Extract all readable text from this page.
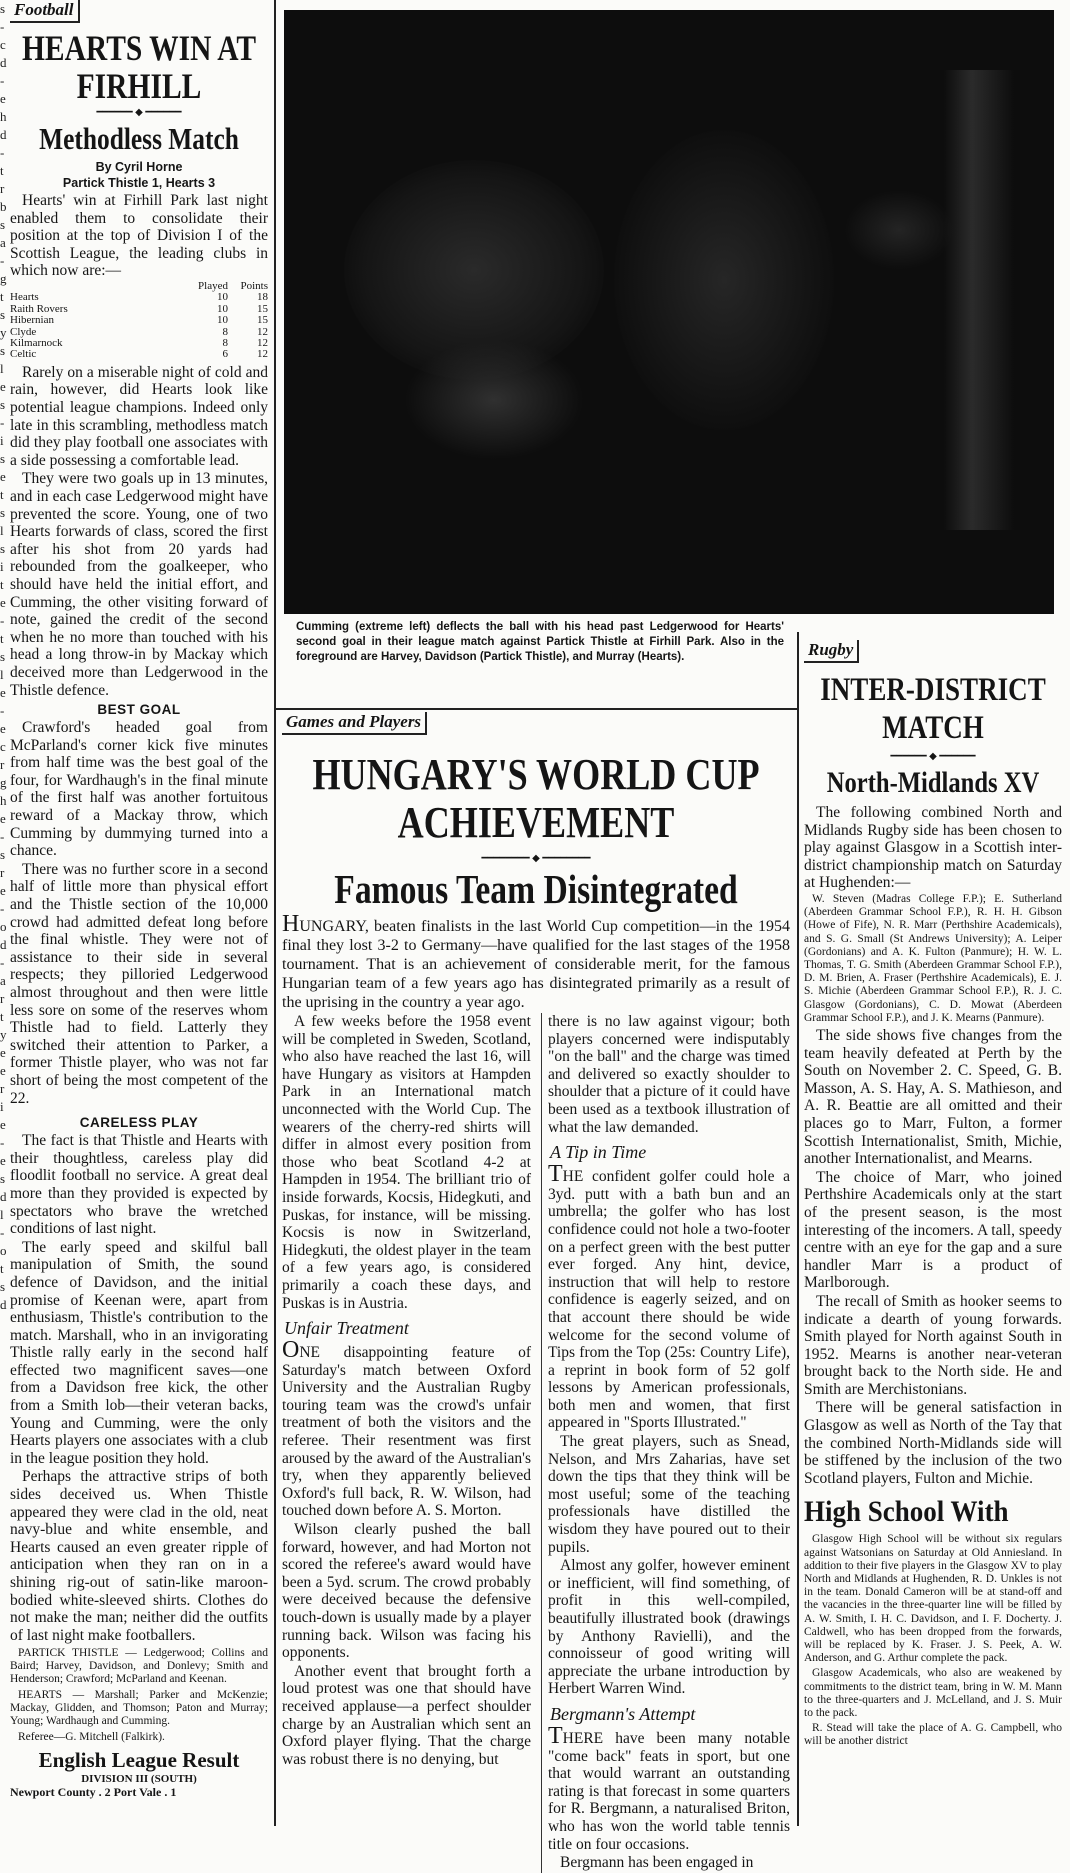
s
-
c
d
-
e
h
d
-
t
r
b
s
a
-
g
t
s
y
s
l
e
s
-
i
s
e
t
s
l
s
i
t
e
-
t
s
l
e
-
e
c
r
g
h
e
-
s
r
e
-
o
d
-
a
r
t
y
e
e
r
i
e
-
e
s
d
l
-
o
t
s
d
Football
HEARTS WIN AT FIRHILL
━━━━━━ ◆ ━━━━━━
Methodless Match
By Cyril Horne
Partick Thistle 1, Hearts 3

Hearts' win at Firhill Park last night enabled them to consolidate their position at the top of Division I of the Scottish League, the leading clubs in which now are:—

	Played	Points
Hearts	10	18
Raith Rovers	10	15
Hibernian	10	15
Clyde	8	12
Kilmarnock	8	12
Celtic	6	12

Rarely on a miserable night of cold and rain, however, did Hearts look like potential league champions. Indeed only late in this scrambling, methodless match did they play football one associates with a side possessing a comfortable lead.

They were two goals up in 13 minutes, and in each case Ledgerwood might have prevented the score. Young, one of two Hearts forwards of class, scored the first after his shot from 20 yards had rebounded from the goalkeeper, who should have held the initial effort, and Cumming, the other visiting forward of note, gained the credit of the second when he no more than touched with his head a long throw-in by Mackay which deceived more than Ledgerwood in the Thistle defence.

BEST GOAL

Crawford's headed goal from McParland's corner kick five minutes from half time was the best goal of the four, for Wardhaugh's in the final minute of the first half was another fortuitous reward of a Mackay throw, which Cumming by dummying turned into a chance.

There was no further score in a second half of little more than physical effort and the Thistle section of the 10,000 crowd had admitted defeat long before the final whistle. They were not of assistance to their side in several respects; they pilloried Ledgerwood almost throughout and then were little less sore on some of the reserves whom Thistle had to field. Latterly they switched their attention to Parker, a former Thistle player, who was not far short of being the most competent of the 22.

CARELESS PLAY

The fact is that Thistle and Hearts with their thoughtless, careless play did floodlit football no service. A great deal more than they provided is expected by spectators who brave the wretched conditions of last night.

The early speed and skilful ball manipulation of Smith, the sound defence of Davidson, and the initial promise of Keenan were, apart from enthusiasm, Thistle's contribution to the match. Marshall, who in an invigorating Thistle rally early in the second half effected two magnificent saves—one from a Davidson free kick, the other from a Smith lob—their veteran backs, Young and Cumming, were the only Hearts players one associates with a club in the league position they hold.

Perhaps the attractive strips of both sides deceived us. When Thistle appeared they were clad in the old, neat navy-blue and white ensemble, and Hearts caused an even greater ripple of anticipation when they ran on in a shining rig-out of satin-like maroon-bodied white-sleeved shirts. Clothes do not make the man; neither did the outfits of last night make footballers.

PARTICK THISTLE — Ledgerwood; Collins and Baird; Harvey, Davidson, and Donlevy; Smith and Henderson; Crawford; McParland and Keenan.

HEARTS — Marshall; Parker and McKenzie; Mackay, Glidden, and Thomson; Paton and Murray; Young; Wardhaugh and Cumming.

Referee—G. Mitchell (Falkirk).

English League Result
DIVISION III (SOUTH)
Newport County . 2 Port Vale . 1

Cumming (extreme left) deflects the ball with his head past Ledgerwood for Hearts' second goal in their league match against Partick Thistle at Firhill Park. Also in the foreground are Harvey, Davidson (Partick Thistle), and Murray (Hearts).

Games and Players
HUNGARY'S WORLD CUP ACHIEVEMENT
━━━━━━━━ ◆ ━━━━━━━━
Famous Team Disintegrated

HUNGARY, beaten finalists in the last World Cup competition—in the 1954 final they lost 3-2 to Germany—have qualified for the last stages of the 1958 tournament. That is an achievement of considerable merit, for the famous Hungarian team of a few years ago has disintegrated primarily as a result of the uprising in the country a year ago.

A few weeks before the 1958 event will be completed in Sweden, Scotland, who also have reached the last 16, will have Hungary as visitors at Hampden Park in an International match unconnected with the World Cup. The wearers of the cherry-red shirts will differ in almost every position from those who beat Scotland 4-2 at Hampden in 1954. The brilliant trio of inside forwards, Kocsis, Hidegkuti, and Puskas, for instance, will be missing. Kocsis is now in Switzerland, Hidegkuti, the oldest player in the team of a few years ago, is considered primarily a coach these days, and Puskas is in Austria.

Unfair Treatment

ONE disappointing feature of Saturday's match between Oxford University and the Australian Rugby touring team was the crowd's unfair treatment of both the visitors and the referee. Their resentment was first aroused by the award of the Australian's try, when they apparently believed Oxford's full back, R. W. Wilson, had touched down before A. S. Morton.

Wilson clearly pushed the ball forward, however, and had Morton not scored the referee's award would have been a 5yd. scrum. The crowd probably were deceived because the defensive touch-down is usually made by a player running back. Wilson was facing his opponents.

Another event that brought forth a loud protest was one that should have received applause—a perfect shoulder charge by an Australian which sent an Oxford player flying. That the charge was robust there is no denying, but

there is no law against vigour; both players concerned were indisputably "on the ball" and the charge was timed and delivered so exactly shoulder to shoulder that a picture of it could have been used as a textbook illustration of what the law demanded.

A Tip in Time

THE confident golfer could hole a 3yd. putt with a bath bun and an umbrella; the golfer who has lost confidence could not hole a two-footer on a perfect green with the best putter ever forged. Any hint, device, instruction that will help to restore confidence is eagerly seized, and on that account there should be wide welcome for the second volume of Tips from the Top (25s: Country Life), a reprint in book form of 52 golf lessons by American professionals, both men and women, that first appeared in "Sports Illustrated."

The great players, such as Snead, Nelson, and Mrs Zaharias, have set down the tips that they think will be most useful; some of the teaching professionals have distilled the wisdom they have poured out to their pupils.

Almost any golfer, however eminent or inefficient, will find something, of profit in this well-compiled, beautifully illustrated book (drawings by Anthony Ravielli), and the connoisseur of good writing will appreciate the urbane introduction by Herbert Warren Wind.

Bergmann's Attempt

THERE have been many notable "come back" feats in sport, but one that would warrant an outstanding rating is that forecast in some quarters for R. Bergmann, a naturalised Briton, who has won the world table tennis title on four occasions.

Bergmann has been engaged in

Rugby
INTER-DISTRICT MATCH
━━━━━━ ◆ ━━━━━━
North-Midlands XV

The following combined North and Midlands Rugby side has been chosen to play against Glasgow in a Scottish inter-district championship match on Saturday at Hughenden:—

W. Steven (Madras College F.P.); E. Sutherland (Aberdeen Grammar School F.P.), R. H. H. Gibson (Howe of Fife), N. R. Marr (Perthshire Academicals), and S. G. Small (St Andrews University); A. Leiper (Gordonians) and A. K. Fulton (Panmure); H. W. L. Thomas, T. G. Smith (Aberdeen Grammar School F.P.), D. M. Brien, A. Fraser (Perthshire Academicals), E. J. S. Michie (Aberdeen Grammar School F.P.), R. J. C. Glasgow (Gordonians), C. D. Mowat (Aberdeen Grammar School F.P.), and J. K. Mearns (Panmure).

The side shows five changes from the team heavily defeated at Perth by the South on November 2. C. Speed, G. B. Masson, A. S. Hay, A. S. Mathieson, and A. R. Beattie are all omitted and their places go to Marr, Fulton, a former Scottish Internationalist, Smith, Michie, another Internationalist, and Mearns.

The choice of Marr, who joined Perthshire Academicals only at the start of the present season, is the most interesting of the incomers. A tall, speedy centre with an eye for the gap and a sure handler Marr is a product of Marlborough.

The recall of Smith as hooker seems to indicate a dearth of young forwards. Smith played for North against South in 1952. Mearns is another near-veteran brought back to the North side. He and Smith are Merchistonians.

There will be general satisfaction in Glasgow as well as North of the Tay that the combined North-Midlands side will be stiffened by the inclusion of the two Scotland players, Fulton and Michie.

High School With

Glasgow High School will be without six regulars against Watsonians on Saturday at Old Anniesland. In addition to their five players in the Glasgow XV to play North and Midlands at Hughenden, R. D. Unkles is not in the team. Donald Cameron will be at stand-off and the vacancies in the three-quarter line will be filled by A. W. Smith, I. H. C. Davidson, and I. F. Docherty. J. Caldwell, who has been dropped from the forwards, will be replaced by K. Fraser. J. S. Peek, A. W. Anderson, and G. Arthur complete the pack.

Glasgow Academicals, who also are weakened by commitments to the district team, bring in W. M. Mann to the three-quarters and J. McLelland, and J. S. Muir to the pack.

R. Stead will take the place of A. G. Campbell, who will be another district
